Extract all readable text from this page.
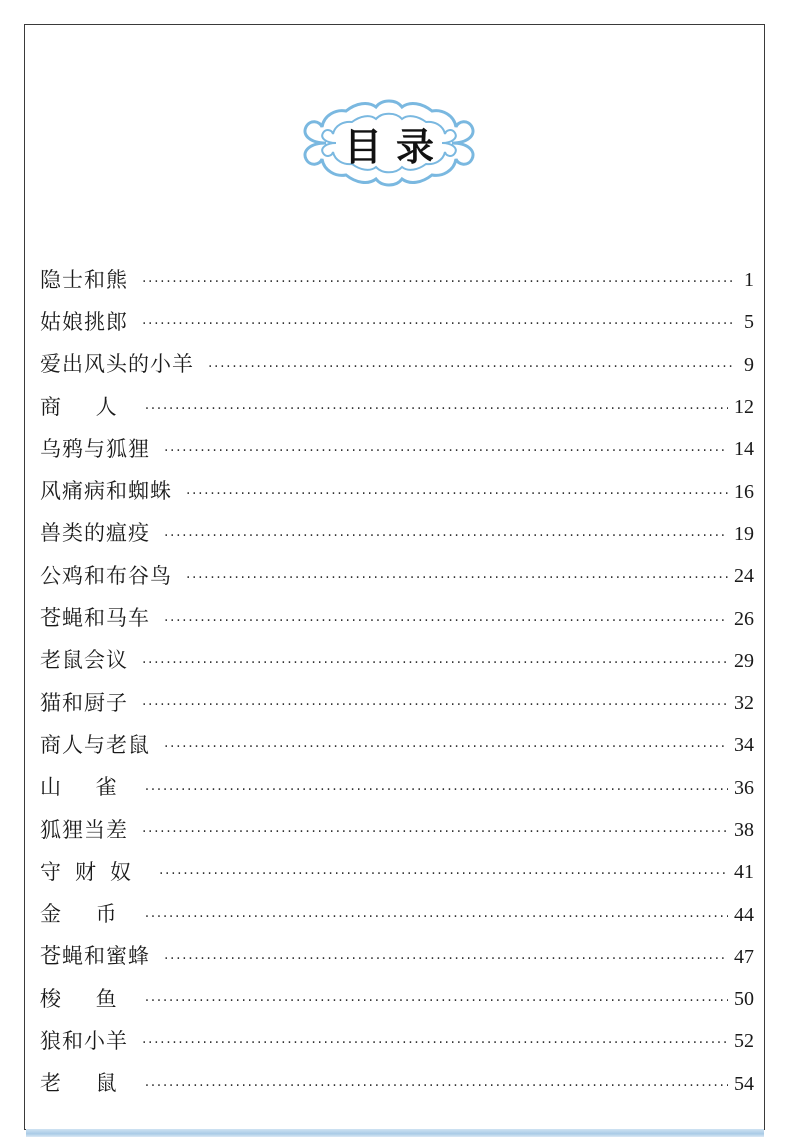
目录
隐士和熊 ·····	1
姑娘挑郎 ·····	5
爱出风头的小羊 ·····	9
商 人 ·····	12
乌鸦与狐狸 ·····	14
风痛病和蜘蛛 ·····	16
兽类的瘟疫 ·····	19
公鸡和布谷鸟 ·····	24
苍蝇和马车 ·····	26
老鼠会议 ·····	29
猫和厨子 ·····	32
商人与老鼠 ·····	34
山 雀 ·····	36
狐狸当差 ·····	38
守财奴 ·····	41
金 币 ·····	44
苍蝇和蜜蜂 ·····	47
梭 鱼 ·····	50
狼和小羊 ·····	52
老 鼠 ·····	54
